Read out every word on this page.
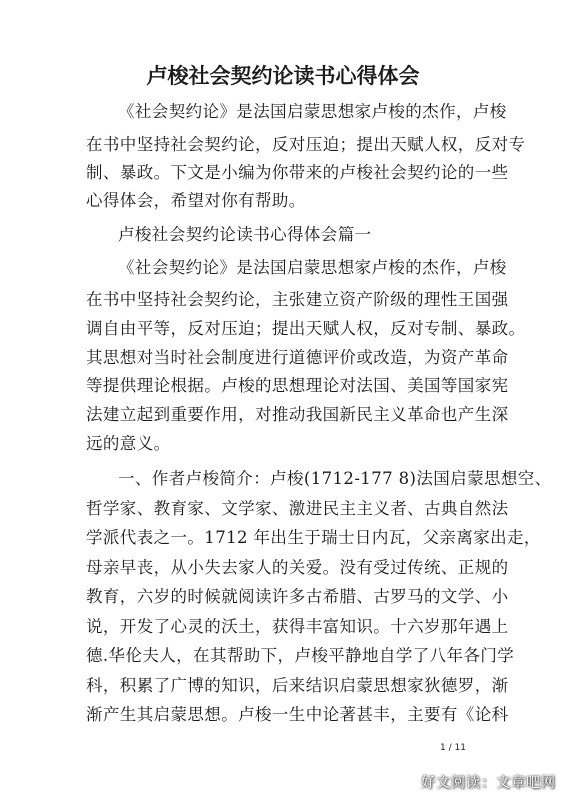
卢梭社会契约论读书心得体会
《社会契约论》是法国启蒙思想家卢梭的杰作，卢梭
在书中坚持社会契约论，反对压迫；提出天赋人权，反对专
制、暴政。下文是小编为你带来的卢梭社会契约论的一些
心得体会，希望对你有帮助。
卢梭社会契约论读书心得体会篇一
《社会契约论》是法国启蒙思想家卢梭的杰作，卢梭
在书中坚持社会契约论，主张建立资产阶级的理性王国强
调自由平等，反对压迫；提出天赋人权，反对专制、暴政。
其思想对当时社会制度进行道德评价或改造，为资产革命
等提供理论根据。卢梭的思想理论对法国、美国等国家宪
法建立起到重要作用，对推动我国新民主义革命也产生深
远的意义。
一、作者卢梭简介：卢梭(1712-177 8)法国启蒙思想空、
哲学家、教育家、文学家、激进民主主义者、古典自然法
学派代表之一。1712 年出生于瑞士日内瓦，父亲离家出走，
母亲早丧，从小失去家人的关爱。没有受过传统、正规的
教育，六岁的时候就阅读许多古希腊、古罗马的文学、小
说，开发了心灵的沃土，获得丰富知识。十六岁那年遇上
德.华伦夫人，在其帮助下，卢梭平静地自学了八年各门学
科，积累了广博的知识，后来结识启蒙思想家狄德罗，渐
渐产生其启蒙思想。卢梭一生中论著甚丰，主要有《论科
1 / 11
好文阅读：文章吧网
